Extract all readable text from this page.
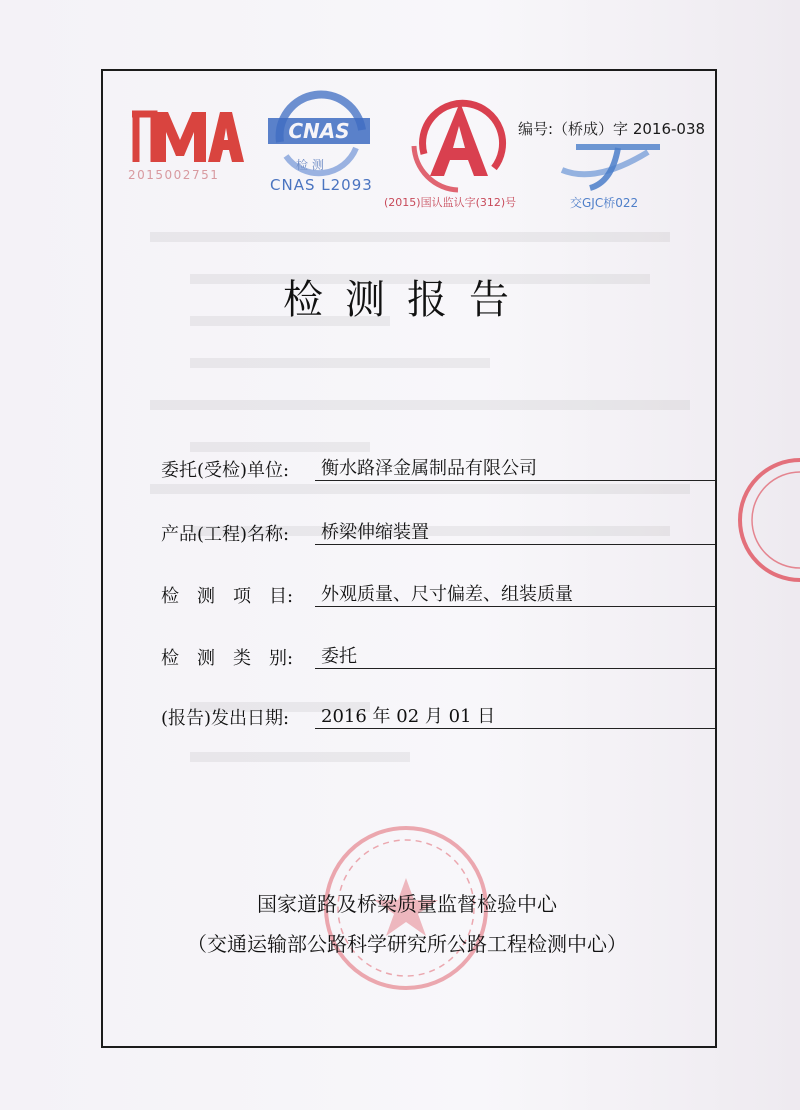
2015002751
CNAS
检 测
CNAS L2093
(2015)国认监认字(312)号	交GJC桥022
编号:（桥成）字 2016-038
检测报告
委托(受检)单位: 衡水路泽金属制品有限公司
产品(工程)名称: 桥梁伸缩装置
检　测　项　目: 外观质量、尺寸偏差、组装质量
检　测　类　别: 委托
(报告)发出日期: 2016 年 02 月 01 日
国家道路及桥梁质量监督检验中心
（交通运输部公路科学研究所公路工程检测中心）
